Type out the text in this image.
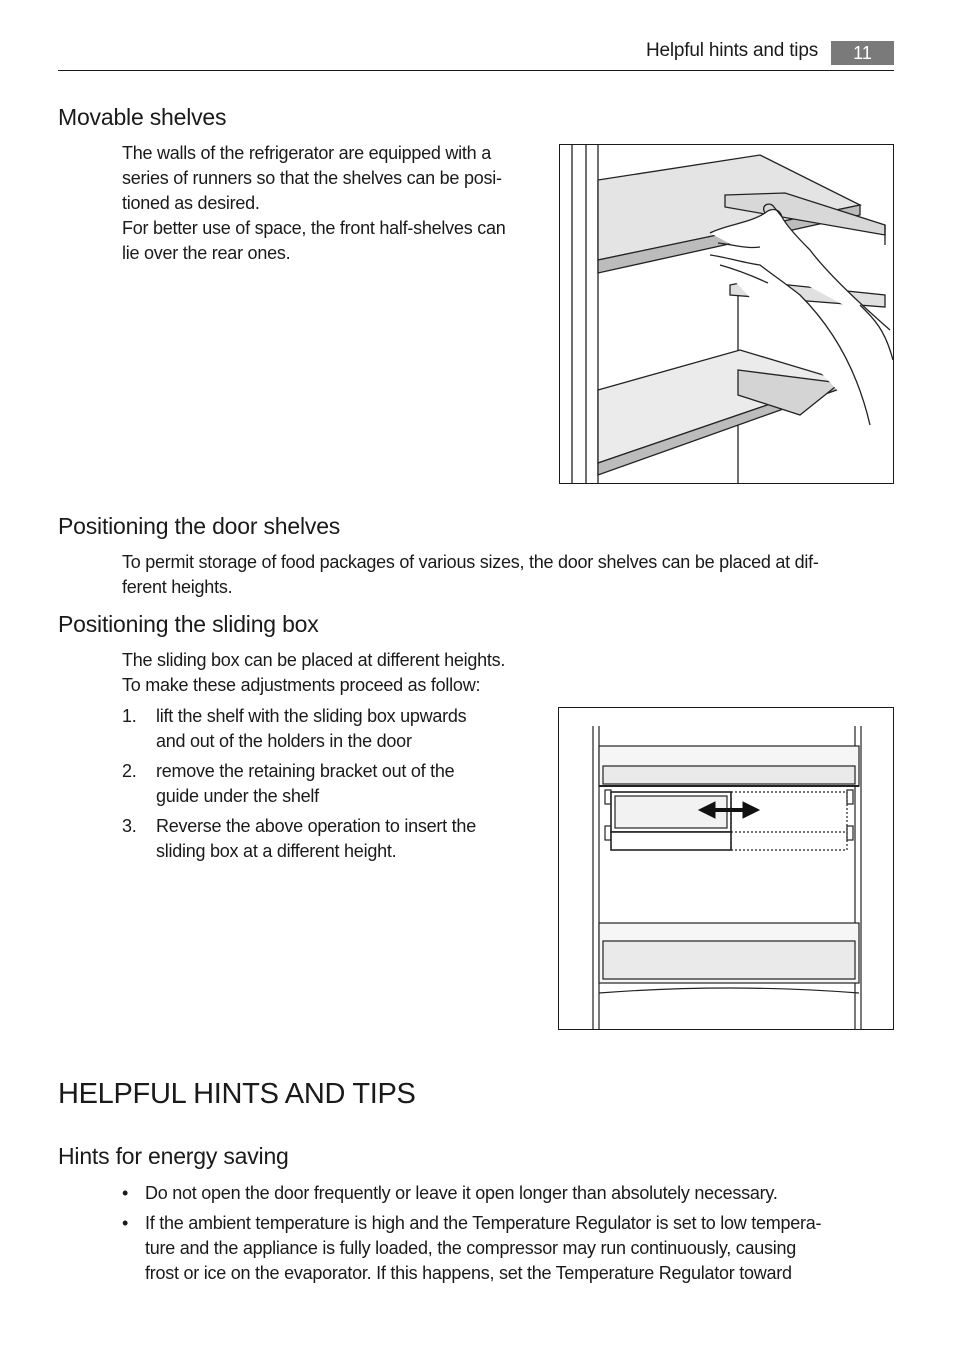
Helpful hints and tips	11
Movable shelves

The walls of the refrigerator are equipped with a
series of runners so that the shelves can be posi-
tioned as desired.
For better use of space, the front half-shelves can
lie over the rear ones.

Positioning the door shelves

To permit storage of food packages of various sizes, the door shelves can be placed at dif-
ferent heights.

Positioning the sliding box

The sliding box can be placed at different heights.
To make these adjustments proceed as follow:

1. lift the shelf with the sliding box upwards
and out of the holders in the door
2. remove the retaining bracket out of the
guide under the shelf
3. Reverse the above operation to insert the
sliding box at a different height.
HELPFUL HINTS AND TIPS
Hints for energy saving
• Do not open the door frequently or leave it open longer than absolutely necessary.
• If the ambient temperature is high and the Temperature Regulator is set to low tempera-
ture and the appliance is fully loaded, the compressor may run continuously, causing
frost or ice on the evaporator. If this happens, set the Temperature Regulator toward
